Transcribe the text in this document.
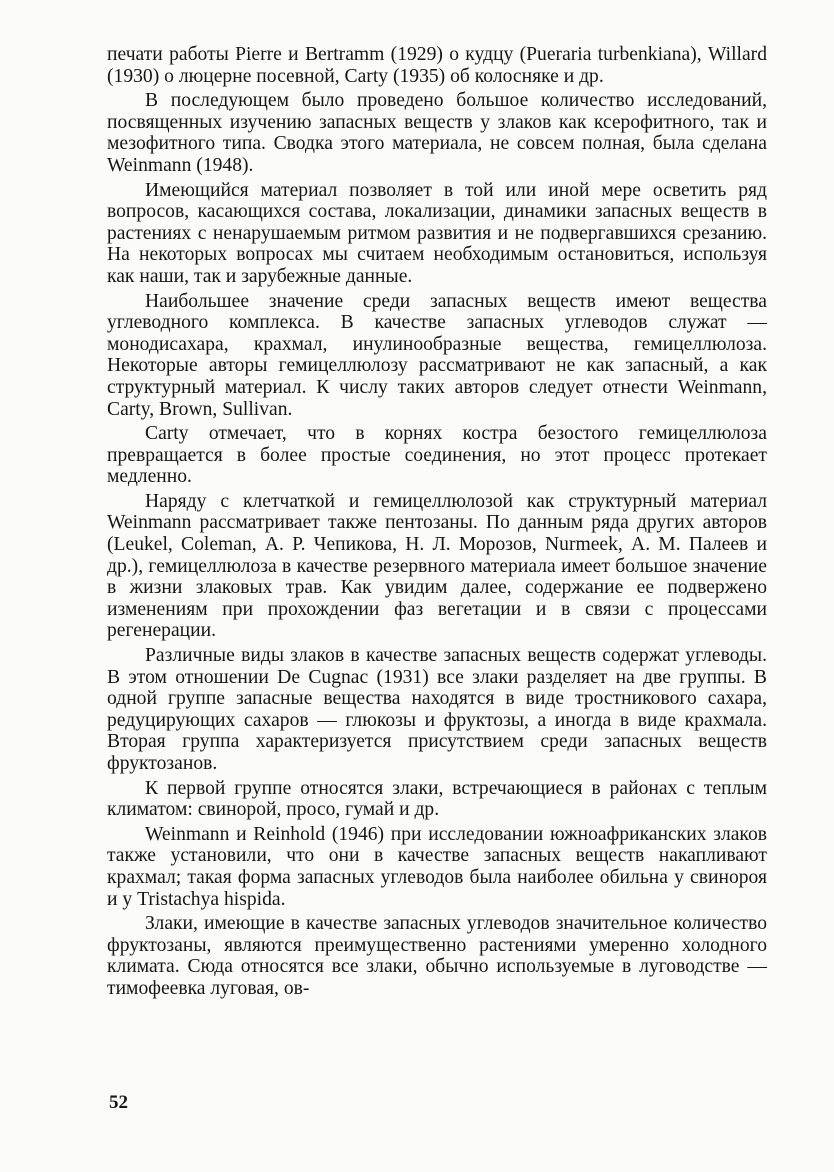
печати работы Pierre и Bertramm (1929) о кудцу (Pueraria turbenkiana), Willard (1930) о люцерне посевной, Carty (1935) об колосняке и др.

В последующем было проведено большое количество исследований, посвященных изучению запасных веществ у злаков как ксерофитного, так и мезофитного типа. Сводка этого материала, не совсем полная, была сделана Weinmann (1948).

Имеющийся материал позволяет в той или иной мере осветить ряд вопросов, касающихся состава, локализации, динамики запасных веществ в растениях с ненарушаемым ритмом развития и не подвергавшихся срезанию. На некоторых вопросах мы считаем необходимым остановиться, используя как наши, так и зарубежные данные.

Наибольшее значение среди запасных веществ имеют вещества углеводного комплекса. В качестве запасных углеводов служат — монодисахара, крахмал, инулинообразные вещества, гемицеллюлоза. Некоторые авторы гемицеллюлозу рассматривают не как запасный, а как структурный материал. К числу таких авторов следует отнести Weinmann, Carty, Brown, Sullivan.

Carty отмечает, что в корнях костра безостого гемицеллюлоза превращается в более простые соединения, но этот процесс протекает медленно.

Наряду с клетчаткой и гемицеллюлозой как структурный материал Weinmann рассматривает также пентозаны. По данным ряда других авторов (Leukel, Coleman, А. Р. Чепикова, Н. Л. Морозов, Nurmeek, А. М. Палеев и др.), гемицеллюлоза в качестве резервного материала имеет большое значение в жизни злаковых трав. Как увидим далее, содержание ее подвержено изменениям при прохождении фаз вегетации и в связи с процессами регенерации.

Различные виды злаков в качестве запасных веществ содержат углеводы. В этом отношении De Cugnac (1931) все злаки разделяет на две группы. В одной группе запасные вещества находятся в виде тростникового сахара, редуцирующих сахаров — глюкозы и фруктозы, а иногда в виде крахмала. Вторая группа характеризуется присутствием среди запасных веществ фруктозанов.

К первой группе относятся злаки, встречающиеся в районах с теплым климатом: свинорой, просо, гумай и др.

Weinmann и Reinhold (1946) при исследовании южноафриканских злаков также установили, что они в качестве запасных веществ накапливают крахмал; такая форма запасных углеводов была наиболее обильна у свинороя и у Tristachya hispida.

Злаки, имеющие в качестве запасных углеводов значительное количество фруктозаны, являются преимущественно растениями умеренно холодного климата. Сюда относятся все злаки, обычно используемые в луговодстве — тимофеевка луговая, ов-

52
